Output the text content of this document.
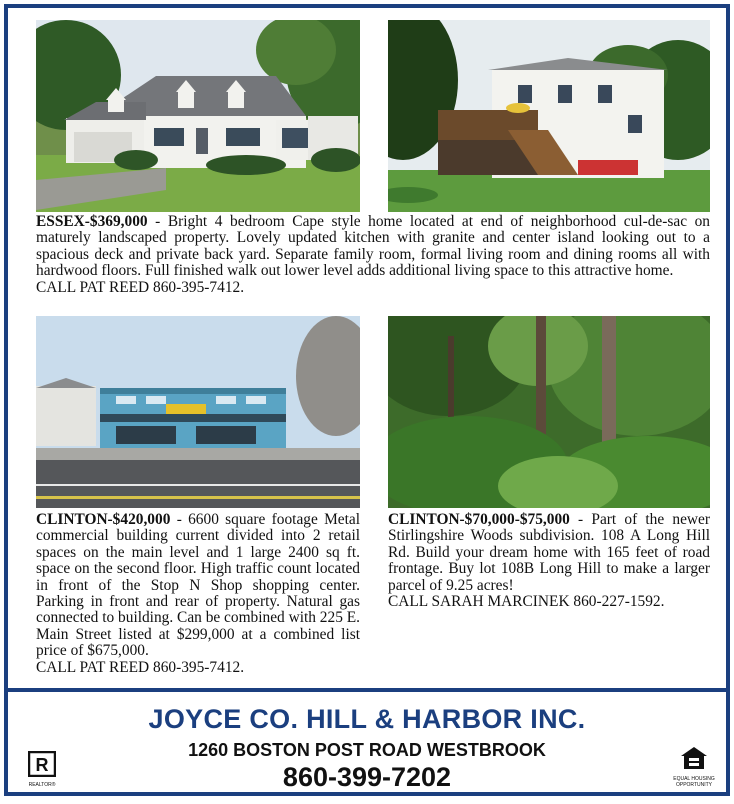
ESSEX-$369,000 - Bright 4 bedroom Cape style home located at end of neighborhood cul-de-sac on maturely landscaped property. Lovely updated kitchen with granite and center island looking out to a spacious deck and private back yard. Separate family room, formal living room and dining rooms all with hardwood floors. Full finished walk out lower level adds additional living space to this attractive home.
CALL PAT REED 860-395-7412.
CLINTON-$420,000 - 6600 square footage Metal commercial building current divided into 2 retail spaces on the main level and 1 large 2400 sq ft. space on the second floor. High traffic count located in front of the Stop N Shop shopping center. Parking in front and rear of property. Natural gas connected to building. Can be combined with 225 E. Main Street listed at $299,000 at a combined list price of $675,000.
CALL PAT REED 860-395-7412.
CLINTON-$70,000-$75,000 - Part of the newer Stirlingshire Woods subdivision. 108 A Long Hill Rd. Build your dream home with 165 feet of road frontage. Buy lot 108B Long Hill to make a larger parcel of 9.25 acres!
CALL SARAH MARCINEK 860-227-1592.
JOYCE CO. HILL & HARBOR INC.
1260 BOSTON POST ROAD WESTBROOK
860-399-7202
R
REALTOR®
EQUAL HOUSING OPPORTUNITY
